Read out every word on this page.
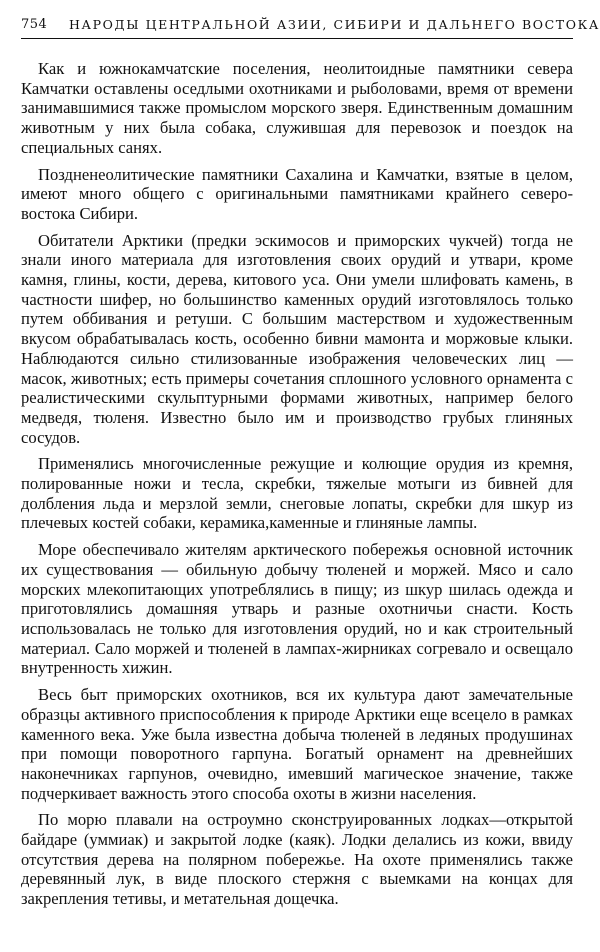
754 НАРОДЫ ЦЕНТРАЛЬНОЙ АЗИИ, СИБИРИ И ДАЛЬНЕГО ВОСТОКА

Как и южнокамчатские поселения, неолитоидные памятники севера Камчатки оставлены оседлыми охотниками и рыболовами, время от времени занимавшимися также промыслом морского зверя. Единственным домашним животным у них была собака, служившая для перевозок и поездок на специальных санях.

Поздненеолитические памятники Сахалина и Камчатки, взятые в целом, имеют много общего с оригинальными памятниками крайнего северо-востока Сибири.

Обитатели Арктики (предки эскимосов и приморских чукчей) тогда не знали иного материала для изготовления своих орудий и утвари, кроме камня, глины, кости, дерева, китового уса. Они умели шлифовать камень, в частности шифер, но большинство каменных орудий изготовлялось только путем оббивания и ретуши. С большим мастерством и художественным вкусом обрабатывалась кость, особенно бивни мамонта и моржовые клыки. Наблюдаются сильно стилизованные изображения человеческих лиц — масок, животных; есть примеры сочетания сплошного условного орнамента с реалистическими скульптурными формами животных, например белого медведя, тюленя. Известно было им и производство грубых глиняных сосудов.

Применялись многочисленные режущие и колющие орудия из кремня, полированные ножи и тесла, скребки, тяжелые мотыги из бивней для долбления льда и мерзлой земли, снеговые лопаты, скребки для шкур из плечевых костей собаки, керамика,каменные и глиняные лампы.

Море обеспечивало жителям арктического побережья основной источник их существования — обильную добычу тюленей и моржей. Мясо и сало морских млекопитающих употреблялись в пищу; из шкур шилась одежда и приготовлялись домашняя утварь и разные охотничьи снасти. Кость использовалась не только для изготовления орудий, но и как строительный материал. Сало моржей и тюленей в лампах-жирниках согревало и освещало внутренность хижин.

Весь быт приморских охотников, вся их культура дают замечательные образцы активного приспособления к природе Арктики еще всецело в рамках каменного века. Уже была известна добыча тюленей в ледяных продушинах при помощи поворотного гарпуна. Богатый орнамент на древнейших наконечниках гарпунов, очевидно, имевший магическое значение, также подчеркивает важность этого способа охоты в жизни населения.

По морю плавали на остроумно сконструированных лодках—открытой байдаре (уммиак) и закрытой лодке (каяк). Лодки делались из кожи, ввиду отсутствия дерева на полярном побережье. На охоте применялись также деревянный лук, в виде плоского стержня с выемками на концах для закрепления тетивы, и метательная дощечка.
